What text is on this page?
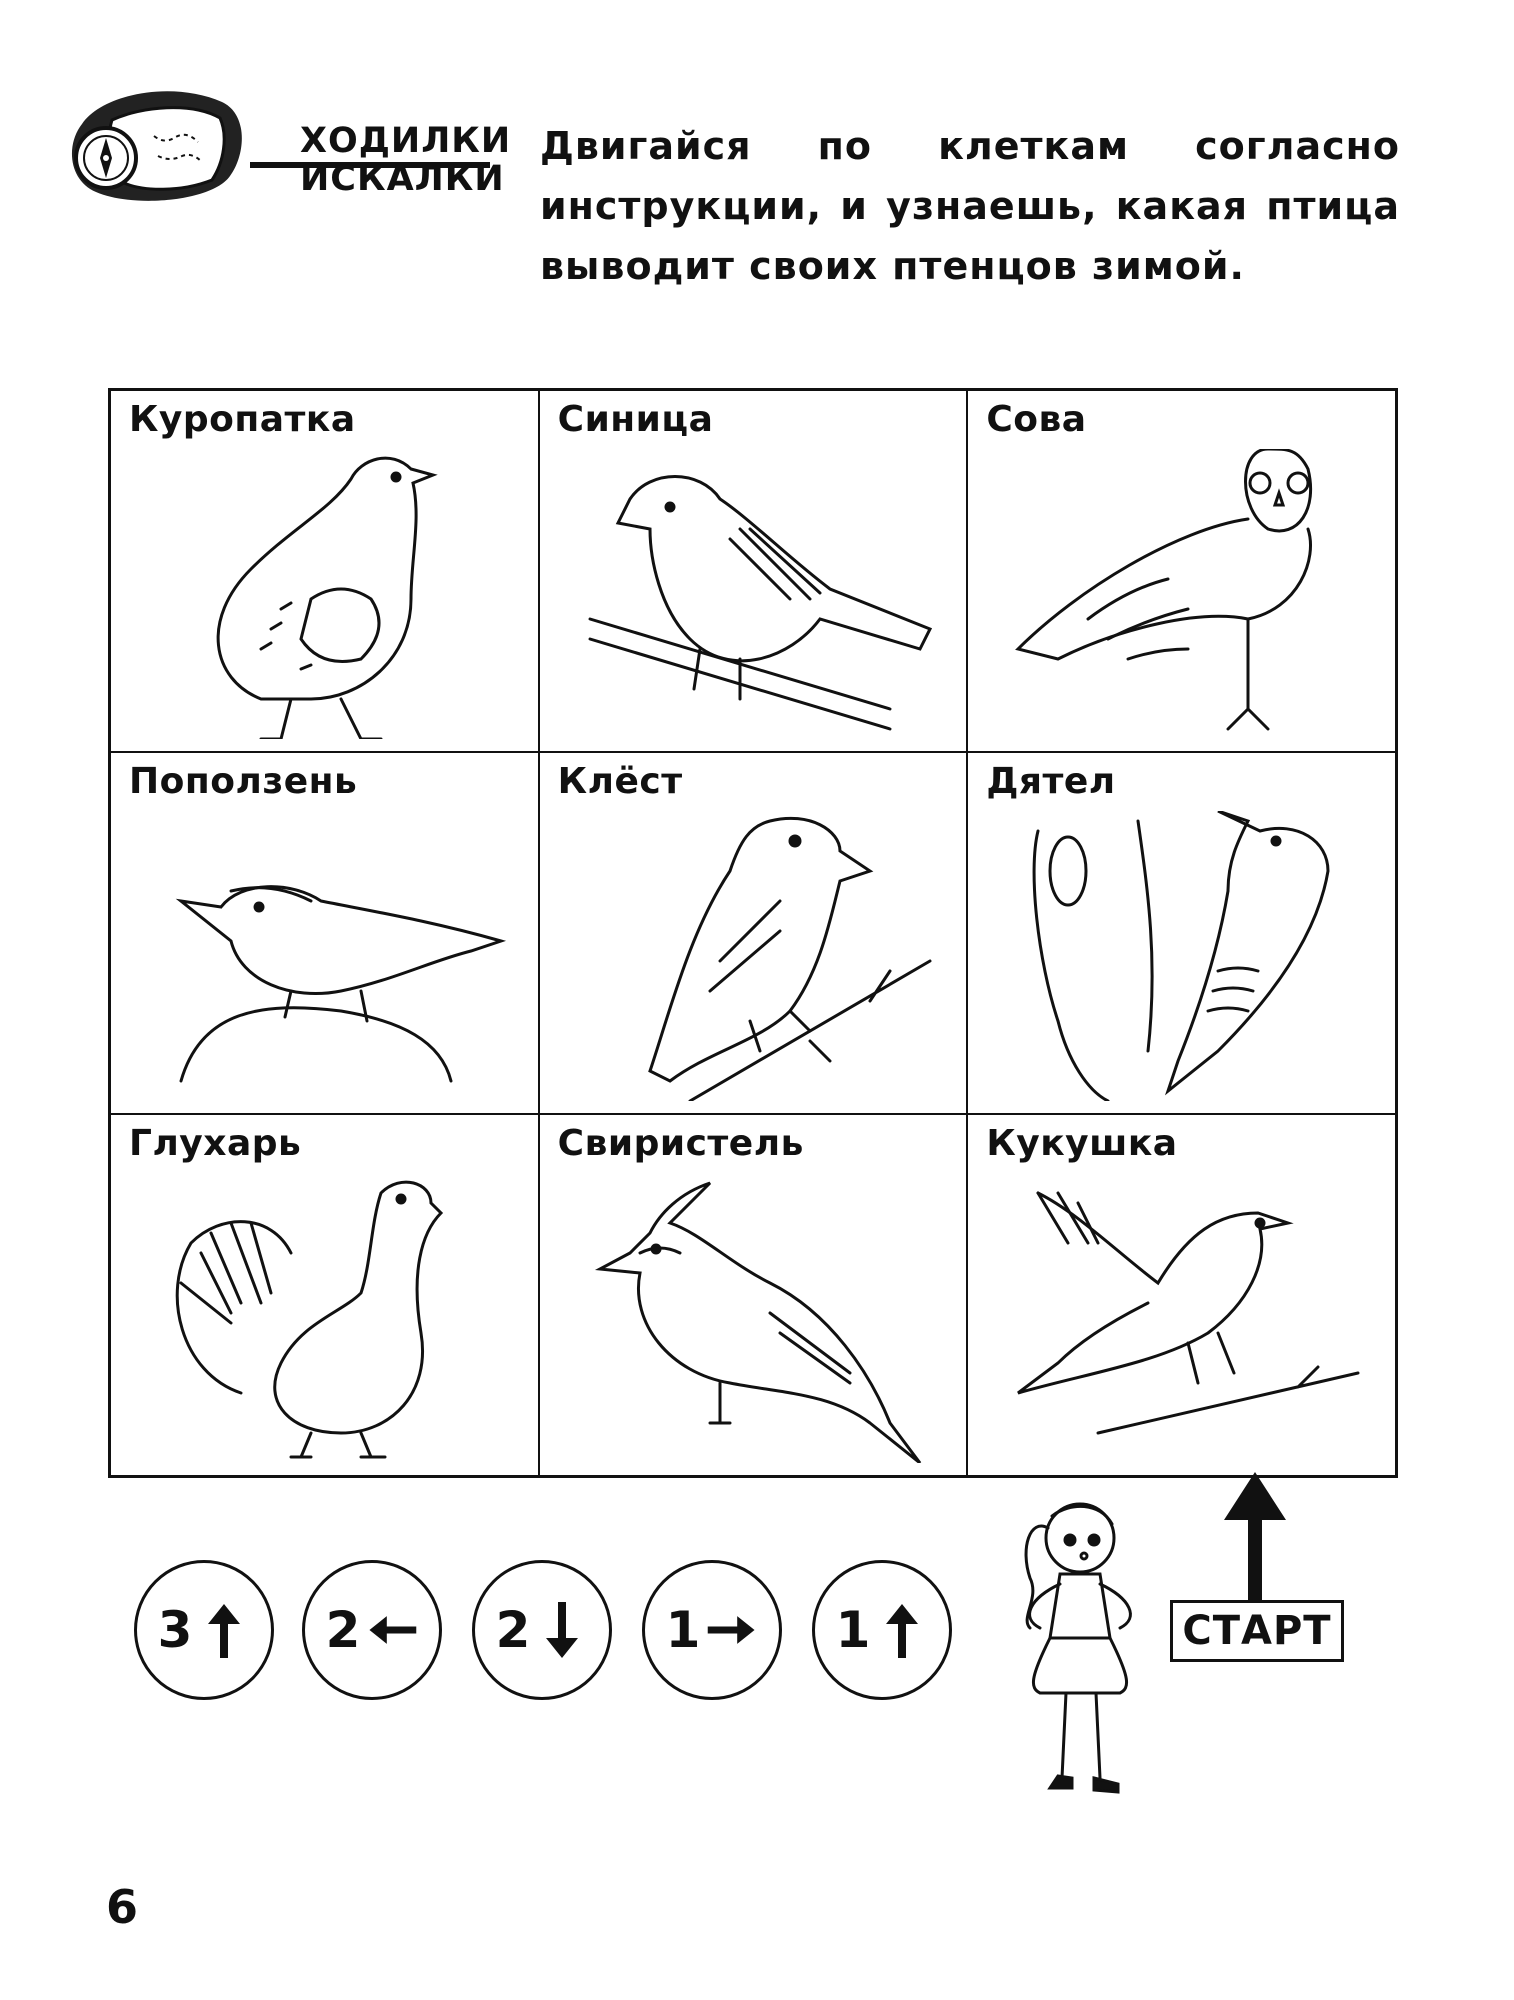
ХОДИЛКИ
ИСКАЛКИ
Двигайся по клеткам согласно инструкции, и узнаешь, какая птица выводит своих птенцов зимой.
Куропатка	Синица	Сова
Поползень	Клёст	Дятел
Глухарь	Свиристель	Кукушка
3	2	2	1	1	СТАРТ
6
